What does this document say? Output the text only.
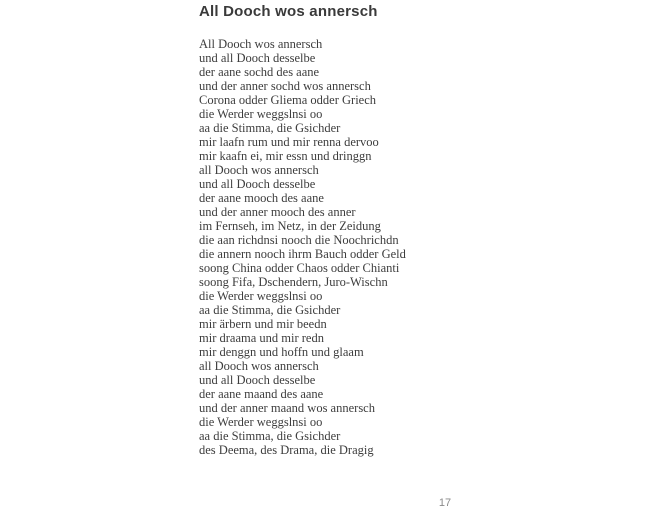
All Dooch wos annersch
All Dooch wos annersch
und all Dooch desselbe
der aane sochd des aane
und der anner sochd wos annersch
Corona odder Gliema odder Griech
die Werder weggslnsi oo
aa die Stimma, die Gsichder
mir laafn rum und mir renna dervoo
mir kaafn ei, mir essn und dringgn
all Dooch wos annersch
und all Dooch desselbe
der aane mooch des aane
und der anner mooch des anner
im Fernseh, im Netz, in der Zeidung
die aan richdnsi nooch die Noochrichdn
die annern nooch ihrm Bauch odder Geld
soong China odder Chaos odder Chianti
soong Fifa, Dschendern, Juro-Wischn
die Werder weggslnsi oo
aa die Stimma, die Gsichder
mir ärbern und mir beedn
mir draama und mir redn
mir denggn und hoffn und glaam
all Dooch wos annersch
und all Dooch desselbe
der aane maand des aane
und der anner maand wos annersch
die Werder weggslnsi oo
aa die Stimma, die Gsichder
des Deema, des Drama, die Dragig
17
